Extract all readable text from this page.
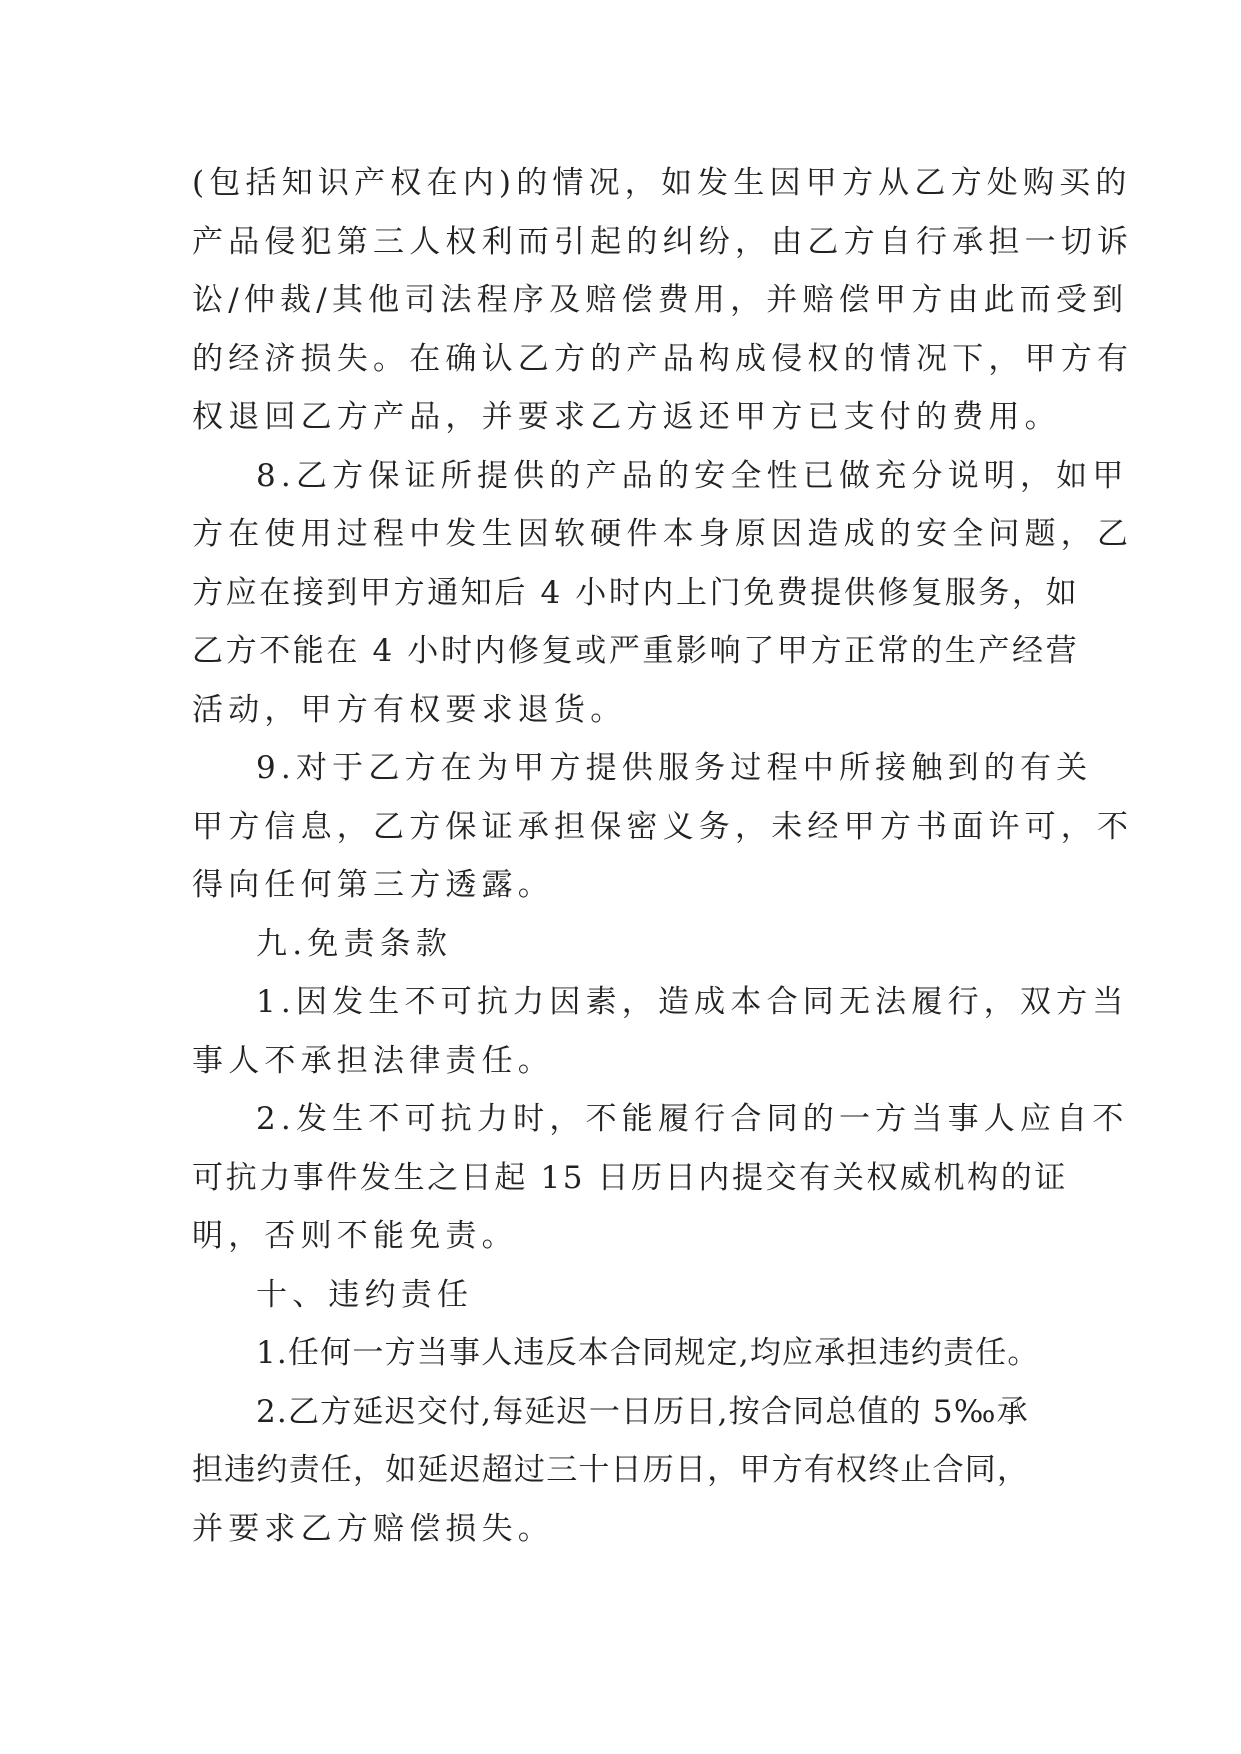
(包括知识产权在内)的情况，如发生因甲方从乙方处购买的
产品侵犯第三人权利而引起的纠纷，由乙方自行承担一切诉
讼/仲裁/其他司法程序及赔偿费用，并赔偿甲方由此而受到
的经济损失。在确认乙方的产品构成侵权的情况下，甲方有
权退回乙方产品，并要求乙方返还甲方已支付的费用。
8.乙方保证所提供的产品的安全性已做充分说明，如甲
方在使用过程中发生因软硬件本身原因造成的安全问题，乙
方应在接到甲方通知后 4 小时内上门免费提供修复服务，如
乙方不能在 4 小时内修复或严重影响了甲方正常的生产经营
活动，甲方有权要求退货。
9.对于乙方在为甲方提供服务过程中所接触到的有关
甲方信息，乙方保证承担保密义务，未经甲方书面许可，不
得向任何第三方透露。
九.免责条款
1.因发生不可抗力因素，造成本合同无法履行，双方当
事人不承担法律责任。
2.发生不可抗力时，不能履行合同的一方当事人应自不
可抗力事件发生之日起 15 日历日内提交有关权威机构的证
明，否则不能免责。
十、违约责任
1.任何一方当事人违反本合同规定,均应承担违约责任。
2.乙方延迟交付,每延迟一日历日,按合同总值的 5‰承
担违约责任，如延迟超过三十日历日，甲方有权终止合同，
并要求乙方赔偿损失。
